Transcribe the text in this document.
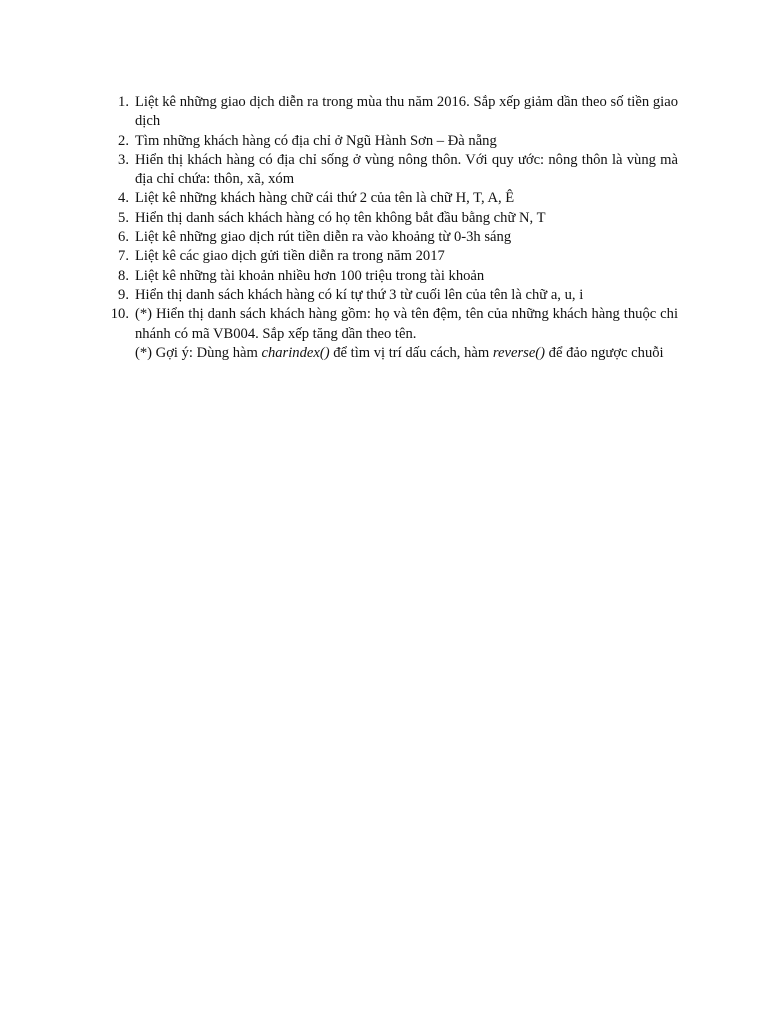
1. Liệt kê những giao dịch diễn ra trong mùa thu năm 2016. Sắp xếp giảm dần theo số tiền giao dịch
2. Tìm những khách hàng có địa chỉ ở Ngũ Hành Sơn – Đà nẵng
3. Hiển thị khách hàng có địa chỉ sống ở vùng nông thôn. Với quy ước: nông thôn là vùng mà địa chỉ chứa: thôn, xã, xóm
4. Liệt kê những khách hàng chữ cái thứ 2 của tên là chữ H, T, A, Ê
5. Hiển thị danh sách khách hàng có họ tên không bắt đầu bằng chữ N, T
6. Liệt kê những giao dịch rút tiền diễn ra vào khoảng từ 0-3h sáng
7. Liệt kê các giao dịch gửi tiền diễn ra trong năm 2017
8. Liệt kê những tài khoản nhiều hơn 100 triệu trong tài khoản
9. Hiển thị danh sách khách hàng có kí tự thứ 3 từ cuối lên của tên là chữ a, u, i
10. (*) Hiển thị danh sách khách hàng gồm: họ và tên đệm, tên của những khách hàng thuộc chi nhánh có mã VB004. Sắp xếp tăng dần theo tên.
(*) Gợi ý: Dùng hàm charindex() để tìm vị trí dấu cách, hàm reverse() để đảo ngược chuỗi
